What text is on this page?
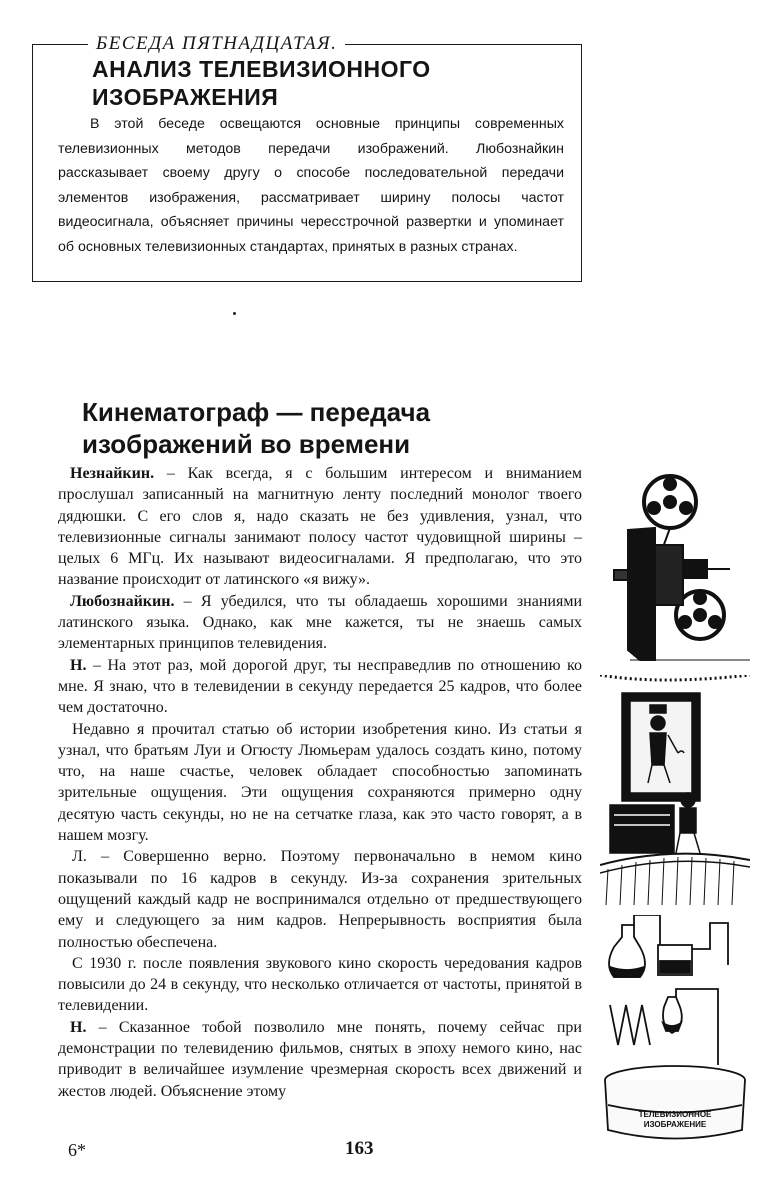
БЕСЕДА ПЯТНАДЦАТАЯ.
АНАЛИЗ ТЕЛЕВИЗИОННОГО ИЗОБРАЖЕНИЯ

В этой беседе освещаются основные принципы современных телевизионных методов передачи изображений. Любознайкин рассказывает своему другу о способе последовательной передачи элементов изображения, рассматривает ширину полосы частот видеосигнала, объясняет причины чересстрочной развертки и упоминает об основных телевизионных стандартах, принятых в разных странах.

Кинематограф — передача
изображений во времени

Незнайкин. – Как всегда, я с большим интересом и вниманием прослушал записанный на магнитную ленту последний монолог твоего дядюшки. С его слов я, надо сказать не без удивления, узнал, что телевизионные сигналы занимают полосу частот чудовищной ширины – целых 6 МГц. Их называют видеосигналами. Я предполагаю, что это название происходит от латинского «я вижу».

Любознайкин. – Я убедился, что ты обладаешь хорошими знаниями латинского языка. Однако, как мне кажется, ты не знаешь самых элементарных принципов телевидения.

Н. – На этот раз, мой дорогой друг, ты несправедлив по отношению ко мне. Я знаю, что в телевидении в секунду передается 25 кадров, что более чем достаточно.

Недавно я прочитал статью об истории изобретения кино. Из статьи я узнал, что братьям Луи и Огюсту Люмьерам удалось создать кино, потому что, на наше счастье, человек обладает способностью запоминать зрительные ощущения. Эти ощущения сохраняются примерно одну десятую часть секунды, но не на сетчатке глаза, как это часто говорят, а в нашем мозгу.

Л. – Совершенно верно. Поэтому первоначально в немом кино показывали по 16 кадров в секунду. Из-за сохранения зрительных ощущений каждый кадр не воспринимался отдельно от предшествующего ему и следующего за ним кадров. Непрерывность восприятия была полностью обеспечена.

С 1930 г. после появления звукового кино скорость чередования кадров повысили до 24 в секунду, что несколько отличается от частоты, принятой в телевидении.

Н. – Сказанное тобой позволило мне понять, почему сейчас при демонстрации по телевидению фильмов, снятых в эпоху немого кино, нас приводит в величайшее изумление чрезмерная скорость всех движений и жестов людей. Объяснение этому

ТЕЛЕВИЗИОННОЕ
ИЗОБРАЖЕНИЕ
6*	163
